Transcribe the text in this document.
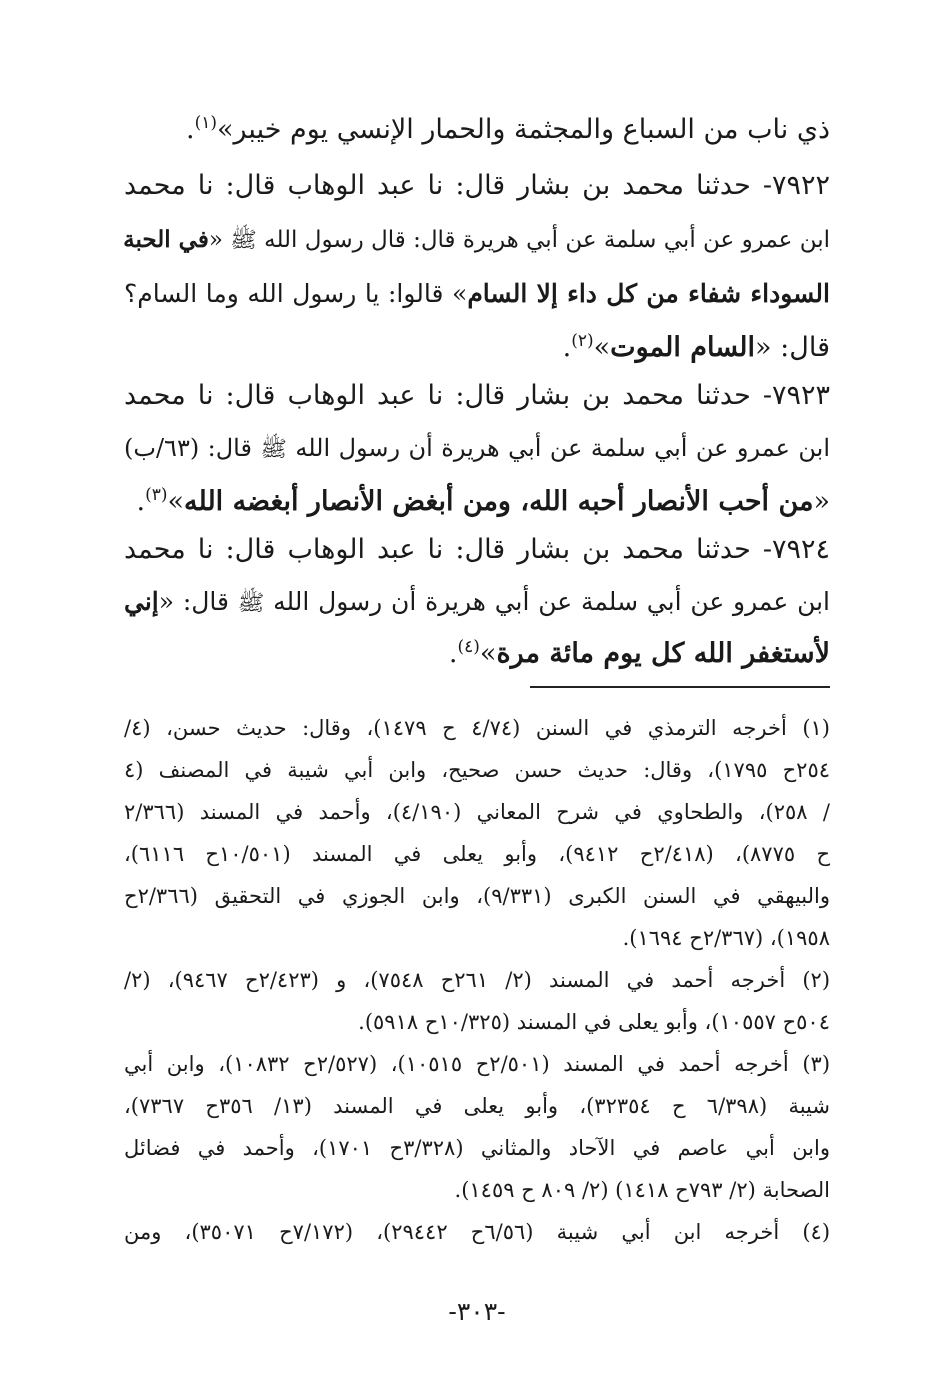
ذي ناب من السباع والمجثمة والحمار الإنسي يوم خيبر»$^{(١)}$.
٧٩٢٢- حدثنا محمد بن بشار قال: نا عبد الوهاب قال: نا محمد
ابن عمرو عن أبي سلمة عن أبي هريرة قال: قال رسول الله ﷺ «في الحبة
السوداء شفاء من كل داء إلا السام» قالوا: يا رسول الله وما السام؟
قال: «السام الموت»$^{(٢)}$.
٧٩٢٣- حدثنا محمد بن بشار قال: نا عبد الوهاب قال: نا محمد
ابن عمرو عن أبي سلمة عن أبي هريرة أن رسول الله ﷺ قال: (٦٣/ب)
«من أحب الأنصار أحبه الله، ومن أبغض الأنصار أبغضه الله»$^{(٣)}$.
٧٩٢٤- حدثنا محمد بن بشار قال: نا عبد الوهاب قال: نا محمد
ابن عمرو عن أبي سلمة عن أبي هريرة أن رسول الله ﷺ قال: «إني
لأستغفر الله كل يوم مائة مرة»$^{(٤)}$.
(١) أخرجه الترمذي في السنن (٤/٧٤ ح ١٤٧٩)، وقال: حديث حسن، (٤/
٢٥٤ح ١٧٩٥)، وقال: حديث حسن صحيح، وابن أبي شيبة في المصنف (٤
/ ٢٥٨)، والطحاوي في شرح المعاني (٤/١٩٠)، وأحمد في المسند (٢/٣٦٦
ح ٨٧٧٥)، (٢/٤١٨ح ٩٤١٢)، وأبو يعلى في المسند (١٠/٥٠١ح ٦١١٦)،
والبيهقي في السنن الكبرى (٩/٣٣١)، وابن الجوزي في التحقيق (٢/٣٦٦ح
١٩٥٨)، (٢/٣٦٧ح ١٦٩٤).
(٢) أخرجه أحمد في المسند (٢/ ٢٦١ح ٧٥٤٨)، و (٢/٤٢٣ح ٩٤٦٧)، (٢/
٥٠٤ح ١٠٥٥٧)، وأبو يعلى في المسند (١٠/٣٢٥ح ٥٩١٨).
(٣) أخرجه أحمد في المسند (٢/٥٠١ح ١٠٥١٥)، (٢/٥٢٧ح ١٠٨٣٢)، وابن أبي
شيبة (٦/٣٩٨ ح ٣٢٣٥٤)، وأبو يعلى في المسند (١٣/ ٣٥٦ح ٧٣٦٧)،
وابن أبي عاصم في الآحاد والمثاني (٣/٣٢٨ح ١٧٠١)، وأحمد في فضائل
الصحابة (٢/ ٧٩٣ح ١٤١٨) (٢/ ٨٠٩ ح ١٤٥٩).
(٤) أخرجه ابن أبي شيبة (٦/٥٦ح ٢٩٤٤٢)، (٧/١٧٢ح ٣٥٠٧١)، ومن
-٣٠٣-
